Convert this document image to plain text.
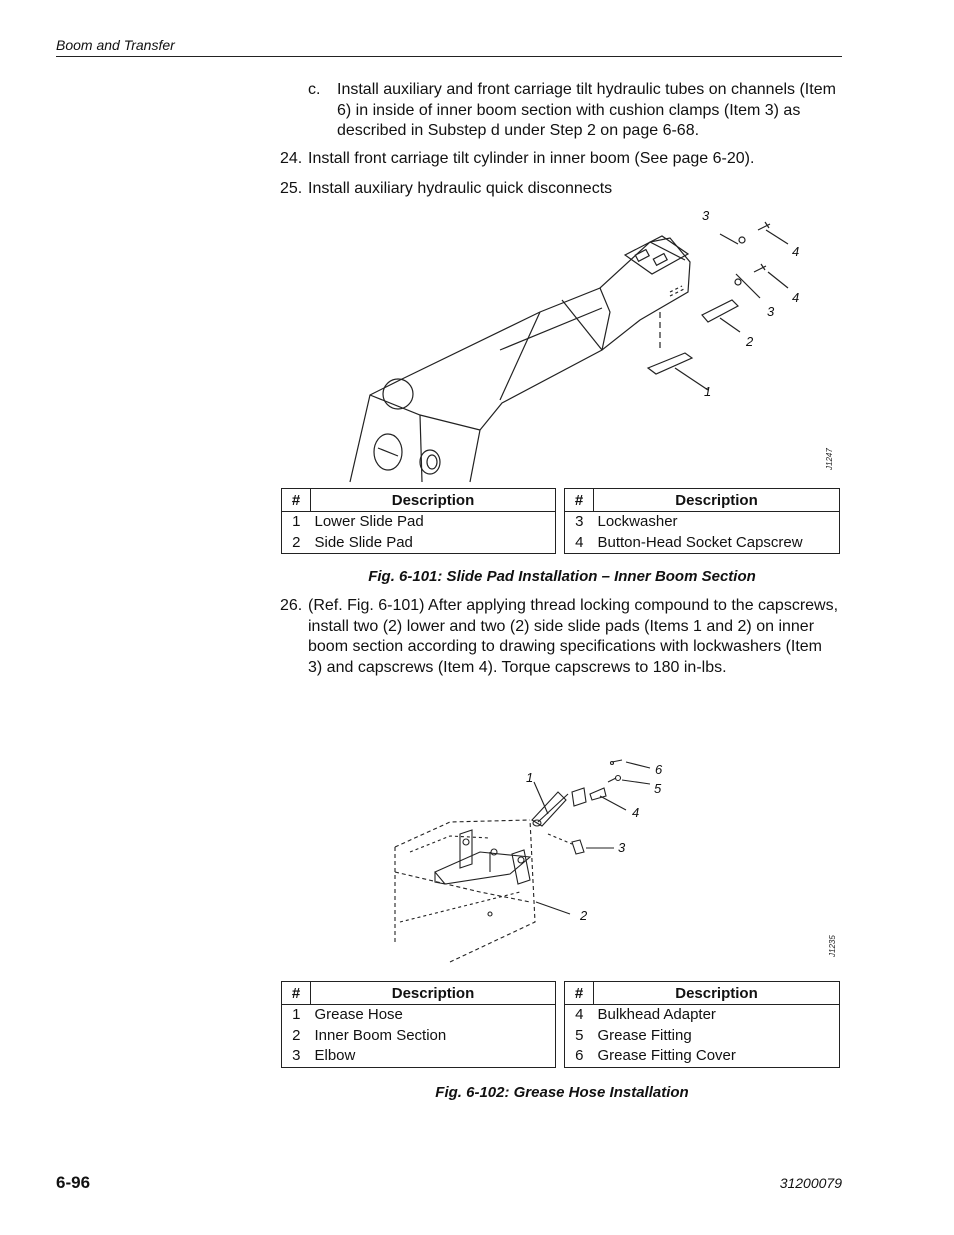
Boom and Transfer
c. Install auxiliary and front carriage tilt hydraulic tubes on channels (Item 6) in inside of inner boom section with cushion clamps (Item 3) as described in Substep d under Step 2 on page 6-68.
24. Install front carriage tilt cylinder in inner boom (See page 6-20).
25. Install auxiliary hydraulic quick disconnects
3
4
4
3
2
1
J1247
#	Description
1	Lower Slide Pad
2	Side Slide Pad
#	Description
3	Lockwasher
4	Button-Head Socket Capscrew
Fig. 6-101: Slide Pad Installation – Inner Boom Section
26. (Ref. Fig. 6-101) After applying thread locking compound to the capscrews, install two (2) lower and two (2) side slide pads (Items 1 and 2) on inner boom section according to drawing specifications with lockwashers (Item 3) and capscrews (Item 4). Torque capscrews to 180 in-lbs.
1
6
5
4
3
2
J1235
#	Description
1	Grease Hose
2	Inner Boom Section
3	Elbow
#	Description
4	Bulkhead Adapter
5	Grease Fitting
6	Grease Fitting Cover
Fig. 6-102: Grease Hose Installation
6-96	31200079
